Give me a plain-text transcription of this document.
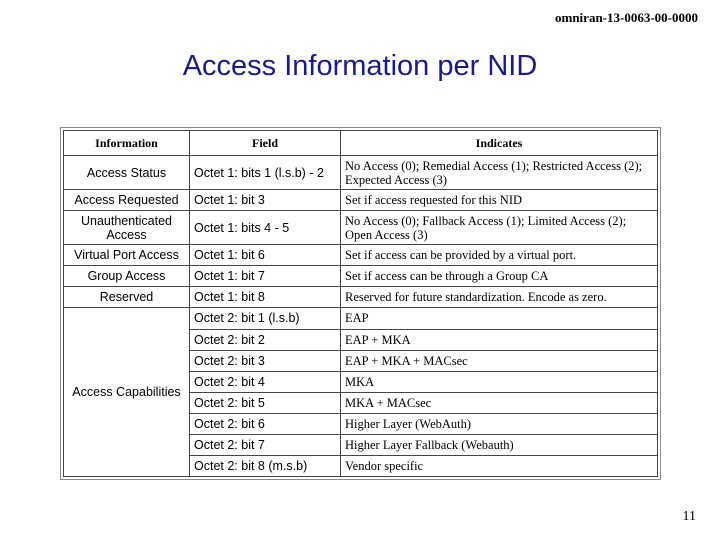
omniran-13-0063-00-0000
Access Information per NID
Information	Field	Indicates
Access Status	Octet 1: bits 1 (l.s.b) - 2	No Access (0); Remedial Access (1); Restricted Access (2); Expected Access (3)
Access Requested	Octet 1: bit 3	Set if access requested for this NID
Unauthenticated Access	Octet 1: bits 4 - 5	No Access (0); Fallback Access (1); Limited Access (2); Open Access (3)
Virtual Port Access	Octet 1: bit 6	Set if access can be provided by a virtual port.
Group Access	Octet 1: bit 7	Set if access can be through a Group CA
Reserved	Octet 1: bit 8	Reserved for future standardization. Encode as zero.
Access Capabilities	Octet 2: bit 1 (l.s.b)	EAP
	Octet 2: bit 2	EAP + MKA
	Octet 2: bit 3	EAP + MKA + MACsec
	Octet 2: bit 4	MKA
	Octet 2: bit 5	MKA + MACsec
	Octet 2: bit 6	Higher Layer (WebAuth)
	Octet 2: bit 7	Higher Layer Fallback (Webauth)
	Octet 2: bit 8 (m.s.b)	Vendor specific
11
